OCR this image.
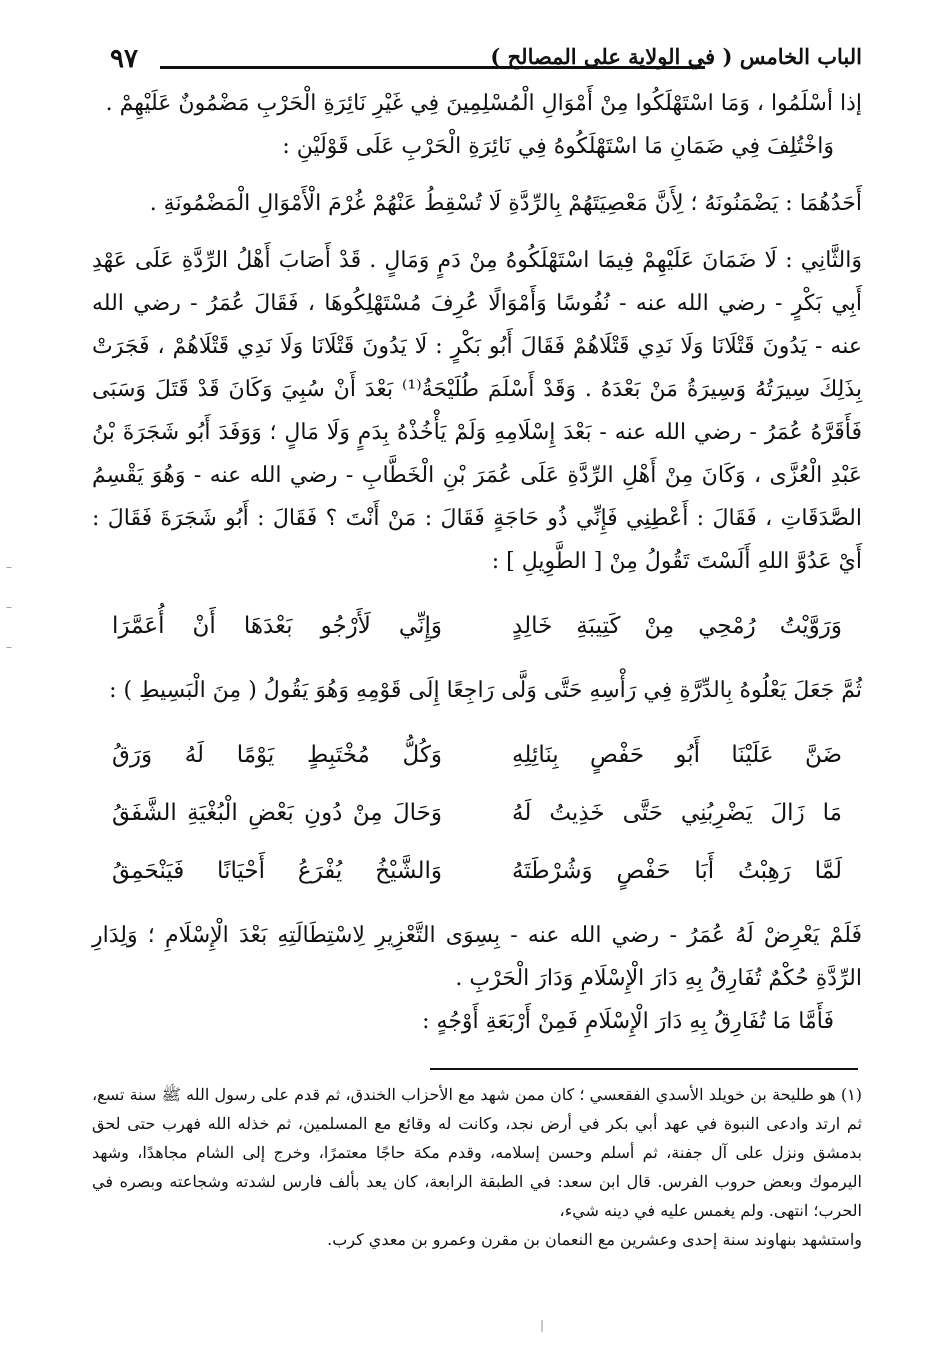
٩٧	الباب الخامس ( في الولاية على المصالح )

إذا أسْلَمُوا ، وَمَا اسْتَهْلَكُوا مِنْ أَمْوَالِ الْمُسْلِمِينَ فِي غَيْرِ نَائِرَةِ الْحَرْبِ مَضْمُونٌ عَلَيْهِمْ .

وَاخْتُلِفَ فِي ضَمَانِ مَا اسْتَهْلَكُوهُ فِي نَائِرَةِ الْحَرْبِ عَلَى قَوْلَيْنِ :

أَحَدُهُمَا : يَضْمَنُونَهُ ؛ لِأَنَّ مَعْصِيَتَهُمْ بِالرِّدَّةِ لَا تُسْقِطُ عَنْهُمْ غُرْمَ الْأَمْوَالِ الْمَضْمُونَةِ .

وَالثَّانِي : لَا ضَمَانَ عَلَيْهِمْ فِيمَا اسْتَهْلَكُوهُ مِنْ دَمٍ وَمَالٍ . قَدْ أَصَابَ أَهْلُ الرِّدَّةِ عَلَى عَهْدِ أَبِي بَكْرٍ - رضي الله عنه - نُفُوسًا وَأَمْوَالًا عُرِفَ مُسْتَهْلِكُوهَا ، فَقَالَ عُمَرُ - رضي الله عنه - يَدُونَ قَتْلَانَا وَلَا نَدِي قَتْلَاهُمْ فَقَالَ أَبُو بَكْرٍ : لَا يَدُونَ قَتْلَانَا وَلَا نَدِي قَتْلَاهُمْ ، فَجَرَتْ بِذَلِكَ سِيرَتُهُ وَسِيرَةُ مَنْ بَعْدَهُ . وَقَدْ أَسْلَمَ طُلَيْحَةُ⁽¹⁾ بَعْدَ أَنْ سُبِيَ وَكَانَ قَدْ قَتَلَ وَسَبَى فَأَقَرَّهُ عُمَرُ - رضي الله عنه - بَعْدَ إِسْلَامِهِ وَلَمْ يَأْخُذْهُ بِدَمٍ وَلَا مَالٍ ؛ وَوَفَدَ أَبُو شَجَرَةَ بْنُ عَبْدِ الْعُزَّى ، وَكَانَ مِنْ أَهْلِ الرِّدَّةِ عَلَى عُمَرَ بْنِ الْخَطَّابِ - رضي الله عنه - وَهُوَ يَقْسِمُ الصَّدَقَاتِ ، فَقَالَ : أَعْطِنِي فَإِنِّي ذُو حَاجَةٍ فَقَالَ : مَنْ أَنْتَ ؟ فَقَالَ : أَبُو شَجَرَةَ فَقَالَ : أَيْ عَدُوَّ اللهِ أَلَسْتَ تَقُولُ مِنْ [ الطَّوِيلِ ] :

وَرَوَّيْتُ رُمْحِي مِنْ كَتِيبَةِ خَالِدٍ
وَإِنِّي لَأَرْجُو بَعْدَهَا أَنْ أُعَمَّرَا

ثُمَّ جَعَلَ يَعْلُوهُ بِالدِّرَّةِ فِي رَأْسِهِ حَتَّى وَلَّى رَاجِعًا إِلَى قَوْمِهِ وَهُوَ يَقُولُ ( مِنَ الْبَسِيطِ ) :

ضَنَّ عَلَيْنَا أَبُو حَفْصٍ بِنَائِلِهِ
وَكُلُّ مُخْتَبِطٍ يَوْمًا لَهُ وَرَقُ
مَا زَالَ يَضْرِبُنِي حَتَّى خَذِيتُ لَهُ
وَحَالَ مِنْ دُونِ بَعْضِ الْبُغْيَةِ الشَّفَقُ
لَمَّا رَهِبْتُ أَبَا حَفْصٍ وَشُرْطَتَهُ
وَالشَّيْخُ يُفْرَعُ أَحْيَانًا فَيَنْحَمِقُ

فَلَمْ يَعْرِضْ لَهُ عُمَرُ - رضي الله عنه - بِسِوَى التَّعْزِيرِ لِاسْتِطَالَتِهِ بَعْدَ الْإِسْلَامِ ؛ وَلِدَارِ الرِّدَّةِ حُكْمٌ تُفَارِقُ بِهِ دَارَ الْإِسْلَامِ وَدَارَ الْحَرْبِ .

فَأَمَّا مَا تُفَارِقُ بِهِ دَارَ الْإِسْلَامِ فَمِنْ أَرْبَعَةِ أَوْجُهٍ :

(١) هو طليحة بن خويلد الأسدي الفقعسي ؛ كان ممن شهد مع الأحزاب الخندق، ثم قدم على رسول الله ﷺ سنة تسع، ثم ارتد وادعى النبوة في عهد أبي بكر في أرض نجد، وكانت له وقائع مع المسلمين، ثم خذله الله فهرب حتى لحق بدمشق ونزل على آل جفنة، ثم أسلم وحسن إسلامه، وقدم مكة حاجًا معتمرًا، وخرج إلى الشام مجاهدًا، وشهد اليرموك وبعض حروب الفرس. قال ابن سعد: في الطبقة الرابعة، كان يعد بألف فارس لشدته وشجاعته وبصره في الحرب؛ انتهى. ولم يغمس عليه في دينه شيء،

واستشهد بنهاوند سنة إحدى وعشرين مع النعمان بن مقرن وعمرو بن معدي كرب.

–
–
–
|
